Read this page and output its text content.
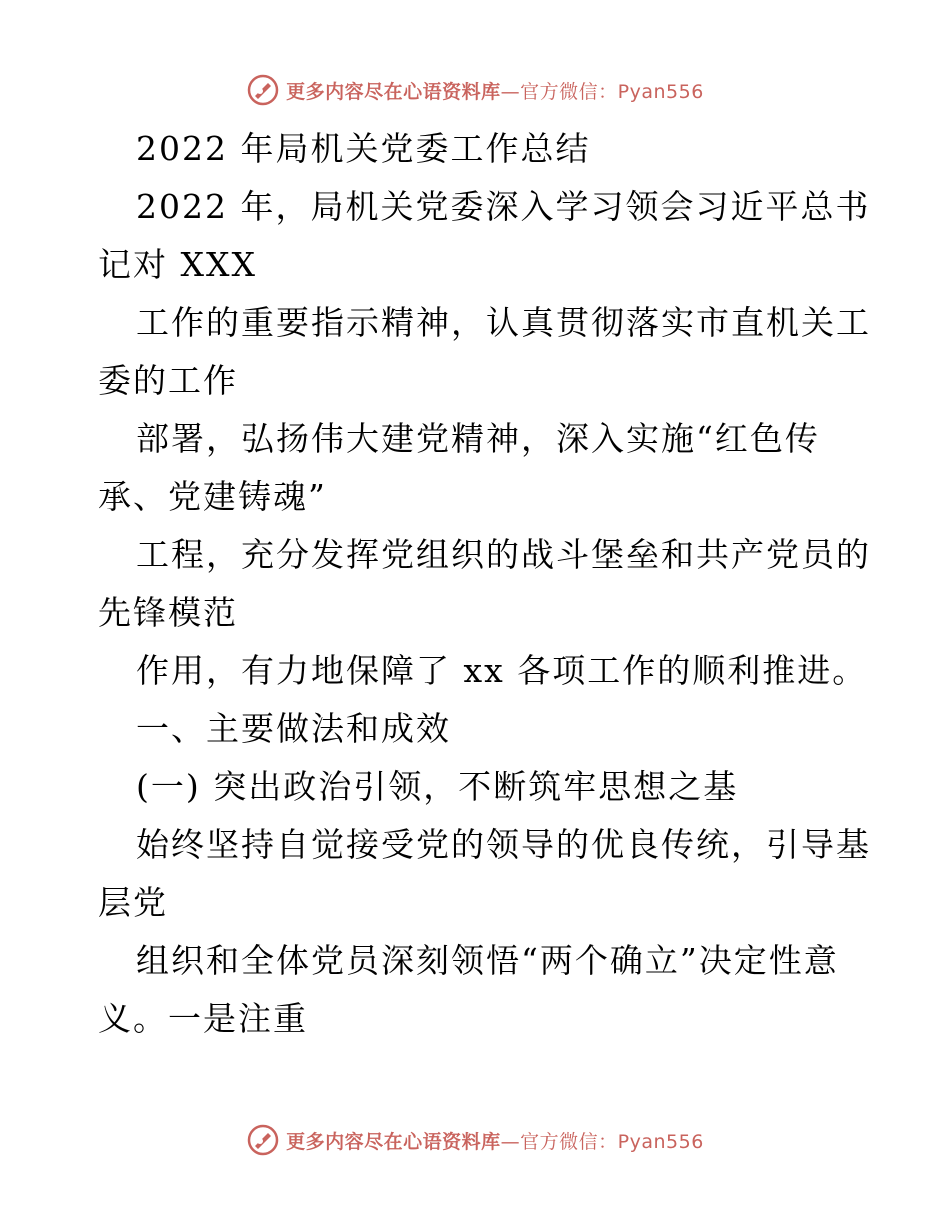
更多内容尽在心语资料库—官方微信：Pyan556
2022 年局机关党委工作总结
2022 年，局机关党委深入学习领会习近平总书
记对 XXX
工作的重要指示精神，认真贯彻落实市直机关工
委的工作
部署，弘扬伟大建党精神，深入实施“红色传
承、党建铸魂”
工程，充分发挥党组织的战斗堡垒和共产党员的
先锋模范
作用，有力地保障了 xx 各项工作的顺利推进。
一、主要做法和成效
(一) 突出政治引领，不断筑牢思想之基
始终坚持自觉接受党的领导的优良传统，引导基
层党
组织和全体党员深刻领悟“两个确立”决定性意
义。一是注重
更多内容尽在心语资料库—官方微信：Pyan556
